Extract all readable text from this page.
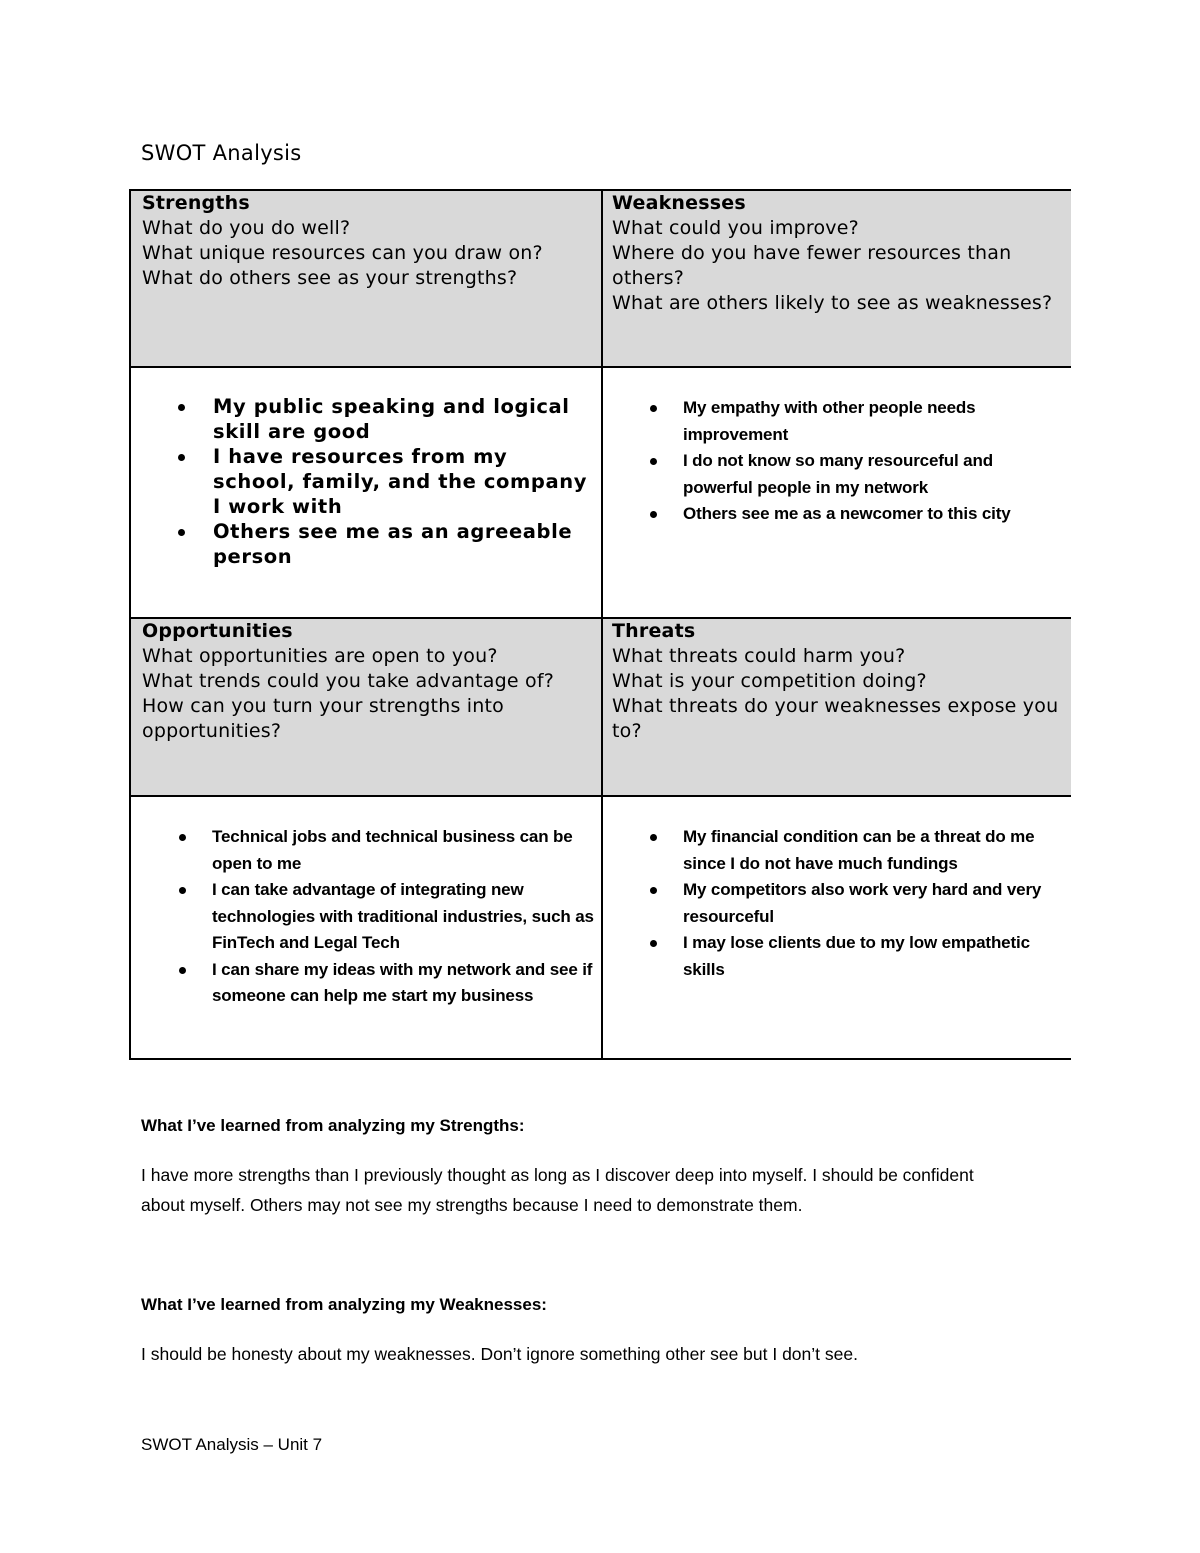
SWOT Analysis
Strengths
What do you do well?
What unique resources can you draw on?
What do others see as your strengths?
Weaknesses
What could you improve?
Where do you have fewer resources than others?
What are others likely to see as weaknesses?
My public speaking and logical skill are good
I have resources from my school, family, and the company I work with
Others see me as an agreeable person
My empathy with other people needs improvement
I do not know so many resourceful and powerful people in my network
Others see me as a newcomer to this city
Opportunities
What opportunities are open to you?
What trends could you take advantage of?
How can you turn your strengths into opportunities?
Threats
What threats could harm you?
What is your competition doing?
What threats do your weaknesses expose you to?
Technical jobs and technical business can be open to me
I can take advantage of integrating new technologies with traditional industries, such as FinTech and Legal Tech
I can share my ideas with my network and see if someone can help me start my business
My financial condition can be a threat do me since I do not have much fundings
My competitors also work very hard and very resourceful
I may lose clients due to my low empathetic skills
What I’ve learned from analyzing my Strengths:
I have more strengths than I previously thought as long as I discover deep into myself. I should be confident about myself. Others may not see my strengths because I need to demonstrate them.
What I’ve learned from analyzing my Weaknesses:
I should be honesty about my weaknesses. Don’t ignore something other see but I don’t see.
SWOT Analysis – Unit 7
